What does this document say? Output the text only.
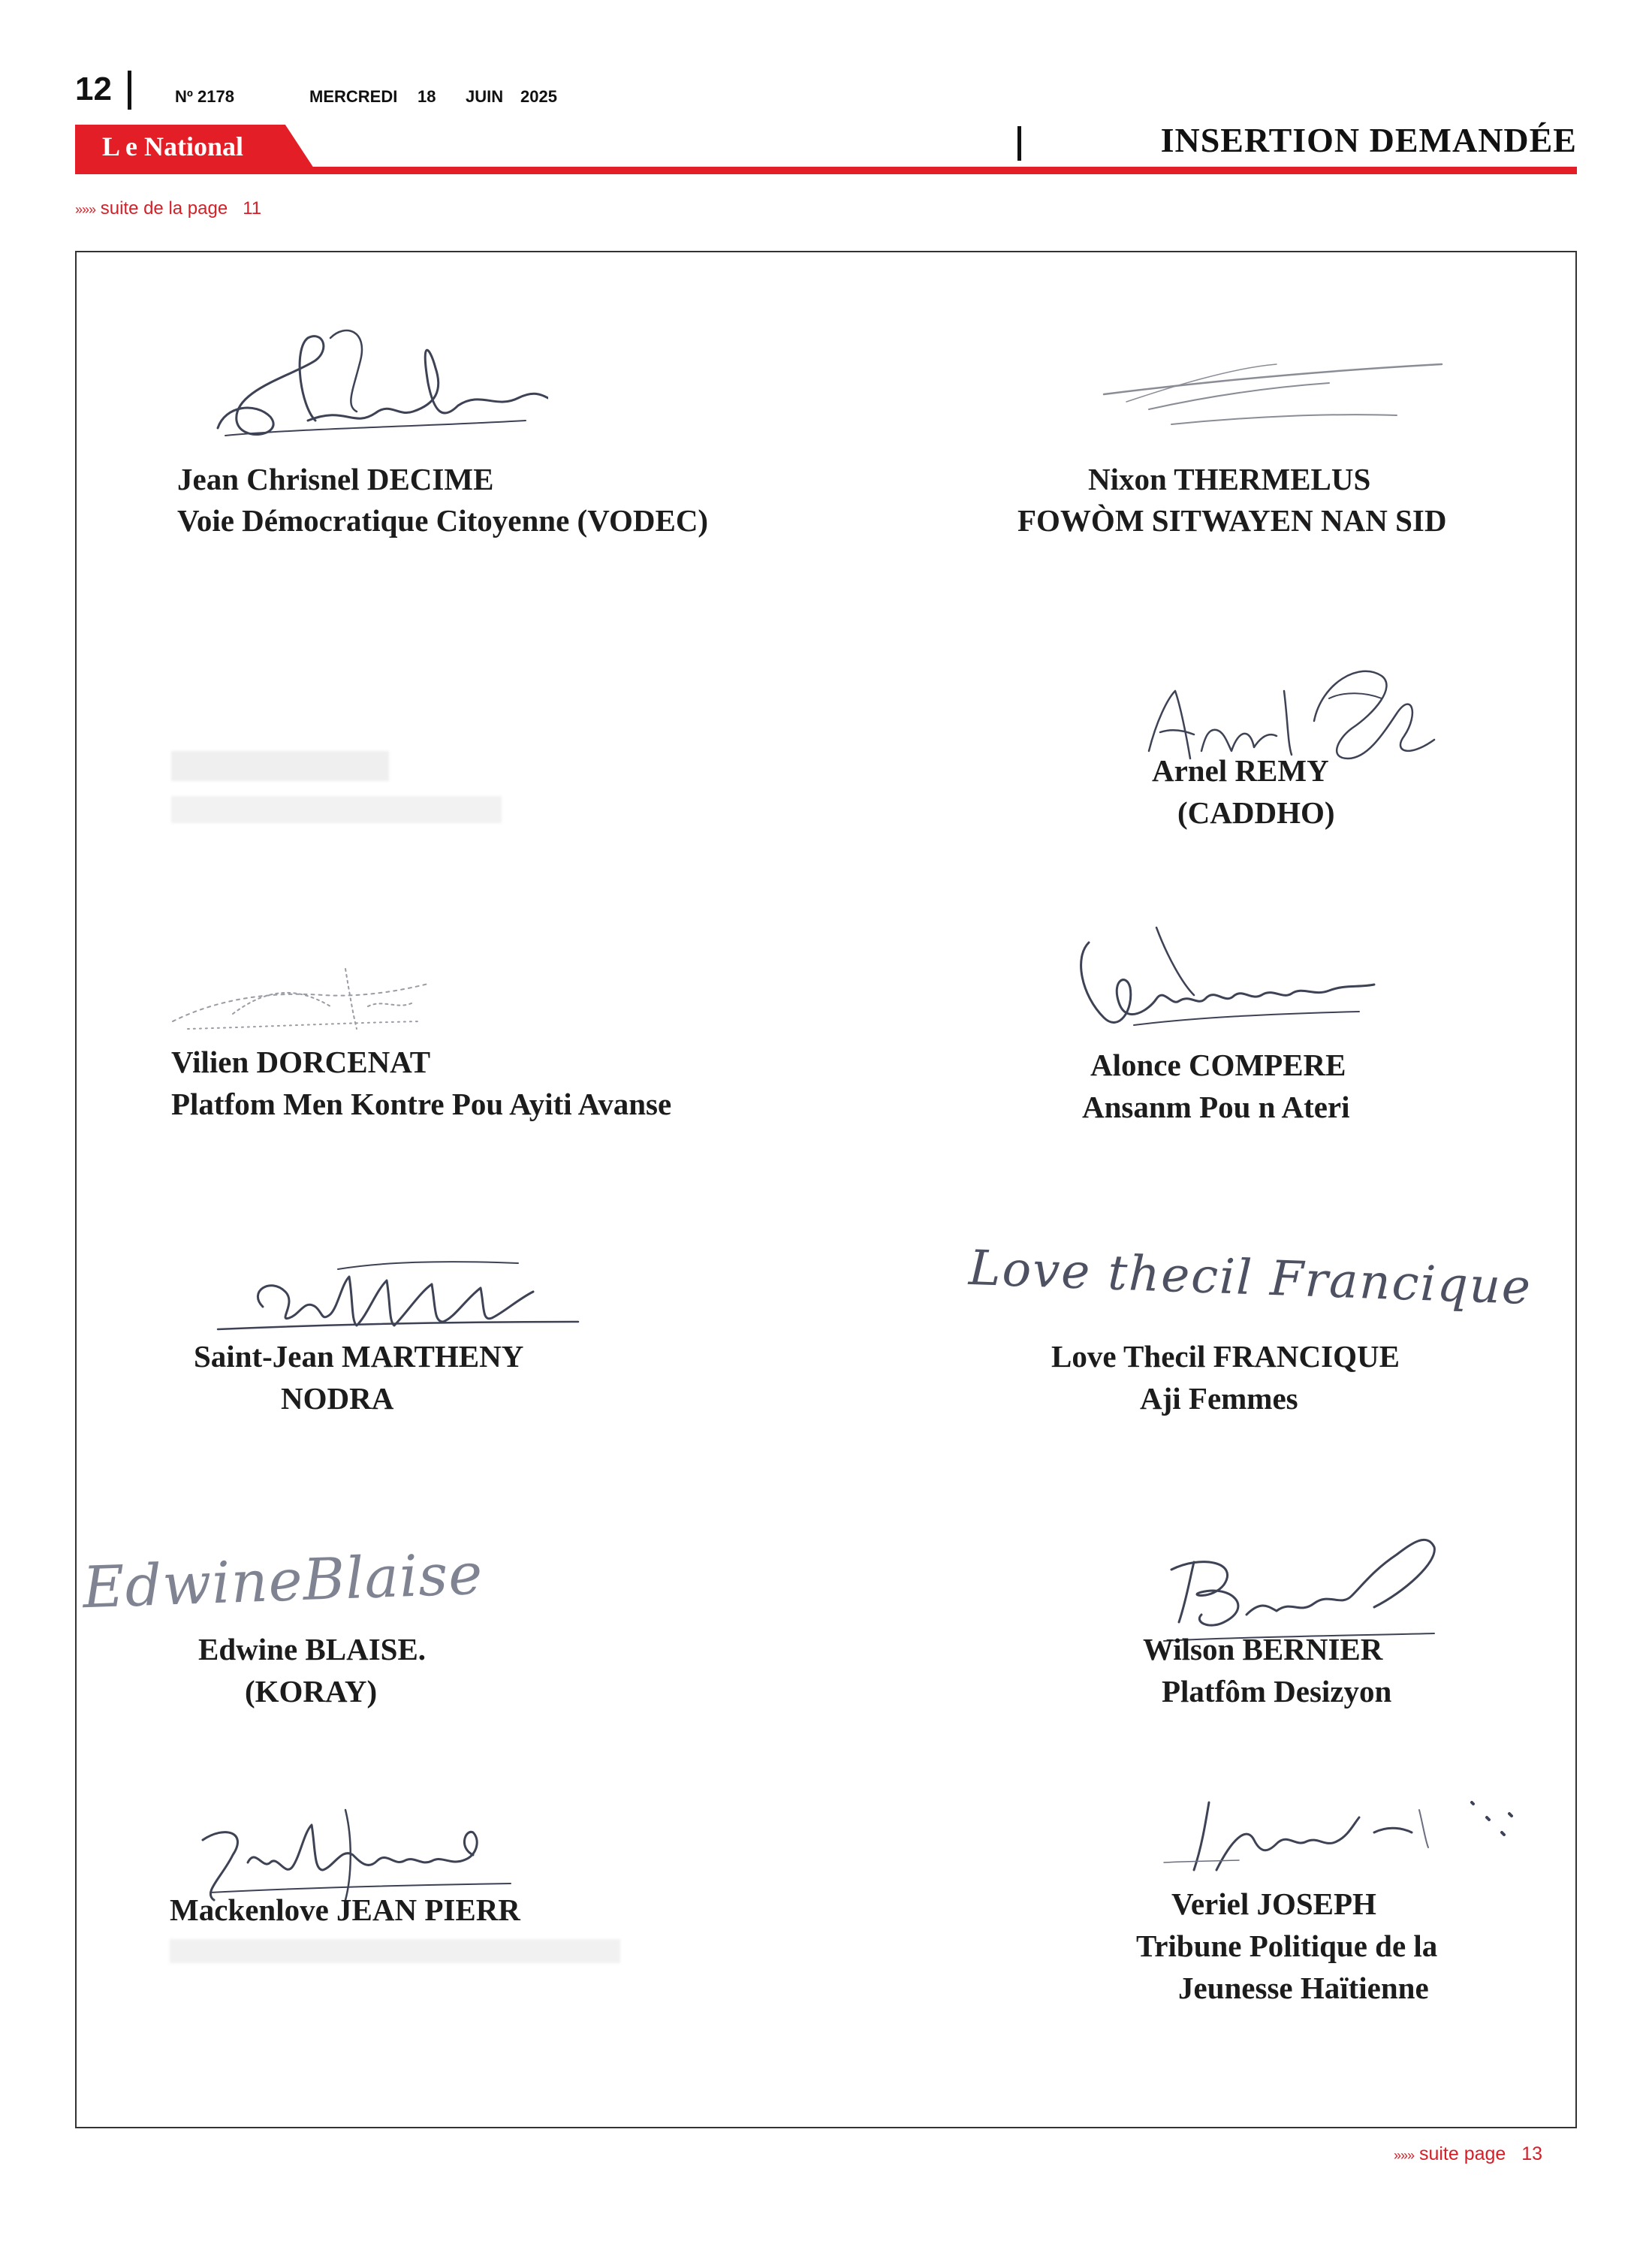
12	Nº 2178	MERCREDI 18 JUIN 2025
L e National	INSERTION DEMANDÉE
»»» suite de la page 11
Jean Chrisnel DECIME
Voie Démocratique Citoyenne (VODEC)
Nixon THERMELUS
FOWÒM SITWAYEN NAN SID
Arnel REMY
(CADDHO)
Vilien DORCENAT
Platfom Men Kontre Pou Ayiti Avanse
Alonce COMPERE
Ansanm Pou n Ateri
Saint-Jean MARTHENY
NODRA
Love thecil Francique
Love Thecil FRANCIQUE
Aji Femmes
EdwineBlaise
Edwine BLAISE.
(KORAY)
Wilson BERNIER
Platfôm Desizyon
Mackenlove JEAN PIERR	Veriel JOSEPH
Tribune Politique de la
Jeunesse Haïtienne
»»» suite page 13
